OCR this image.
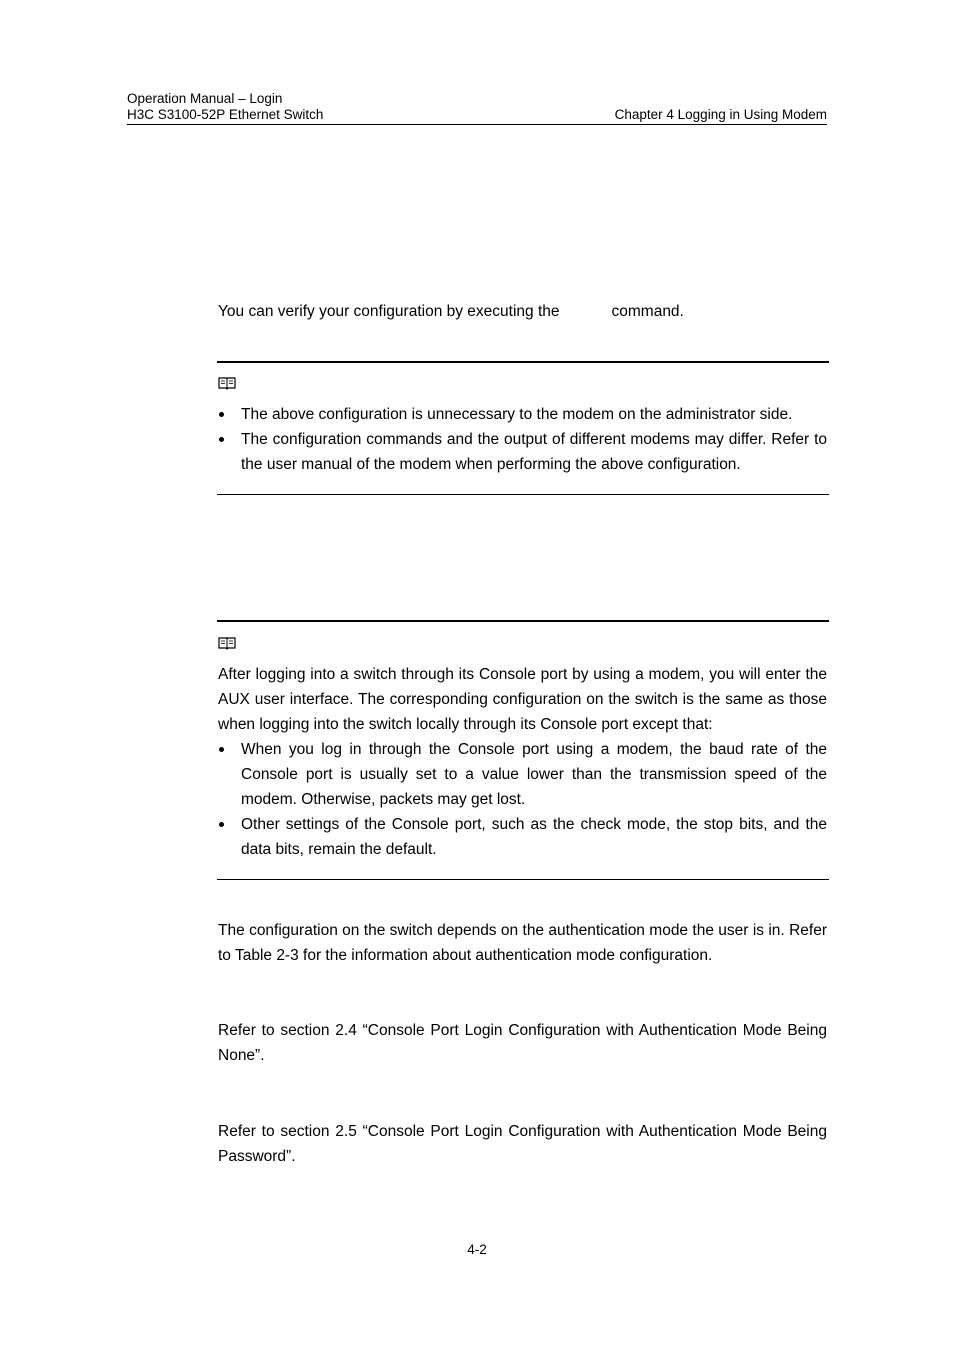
Operation Manual – Login
H3C S3100-52P Ethernet Switch	Chapter 4 Logging in Using Modem
You can verify your configuration by executing the	command.
The above configuration is unnecessary to the modem on the administrator side.
The configuration commands and the output of different modems may differ. Refer to the user manual of the modem when performing the above configuration.
After logging into a switch through its Console port by using a modem, you will enter the AUX user interface. The corresponding configuration on the switch is the same as those when logging into the switch locally through its Console port except that:
When you log in through the Console port using a modem, the baud rate of the Console port is usually set to a value lower than the transmission speed of the modem. Otherwise, packets may get lost.
Other settings of the Console port, such as the check mode, the stop bits, and the data bits, remain the default.
The configuration on the switch depends on the authentication mode the user is in. Refer to Table 2-3 for the information about authentication mode configuration.
Refer to section 2.4 “Console Port Login Configuration with Authentication Mode Being None”.
Refer to section 2.5 “Console Port Login Configuration with Authentication Mode Being Password”.
4-2
